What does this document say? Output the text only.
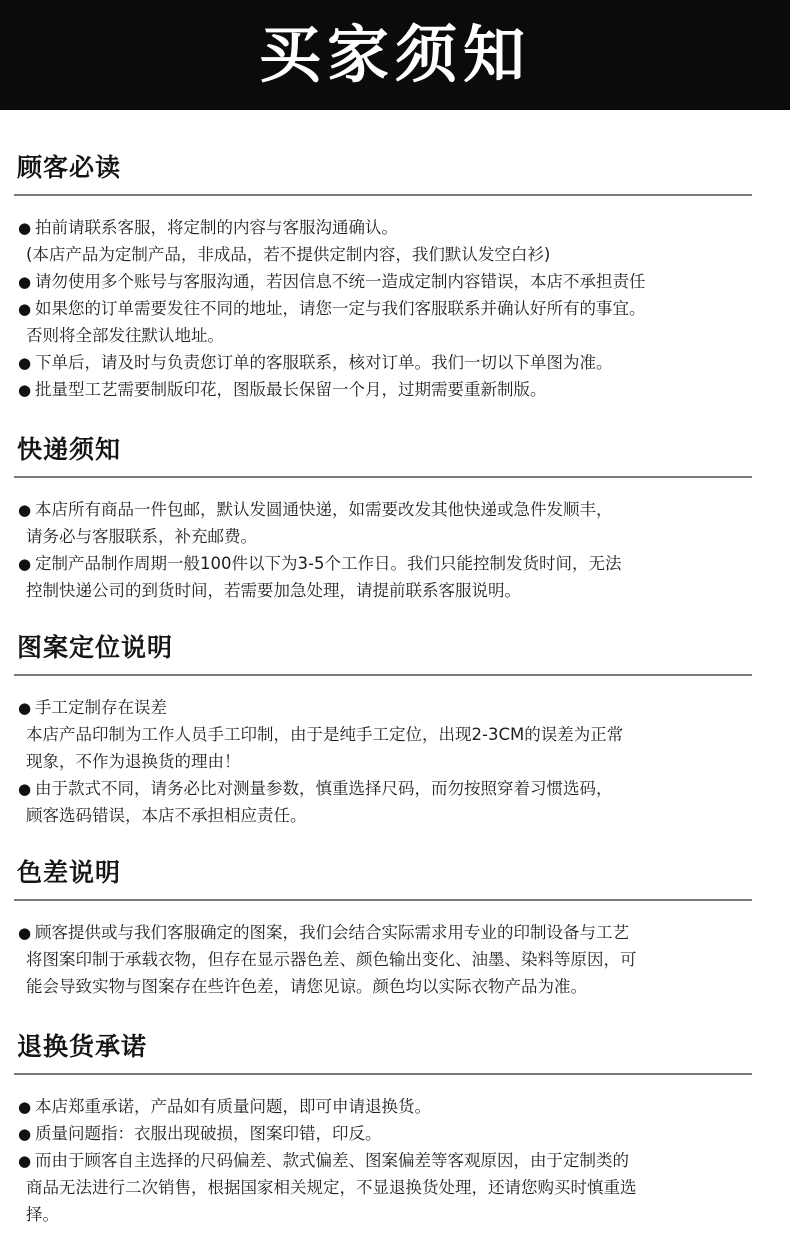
买家须知
顾客必读
● 拍前请联系客服，将定制的内容与客服沟通确认。
(本店产品为定制产品，非成品，若不提供定制内容，我们默认发空白衫)
● 请勿使用多个账号与客服沟通，若因信息不统一造成定制内容错误，本店不承担责任
● 如果您的订单需要发往不同的地址，请您一定与我们客服联系并确认好所有的事宜。
否则将全部发往默认地址。
● 下单后，请及时与负责您订单的客服联系，核对订单。我们一切以下单图为准。
● 批量型工艺需要制版印花，图版最长保留一个月，过期需要重新制版。
快递须知
● 本店所有商品一件包邮，默认发圆通快递，如需要改发其他快递或急件发顺丰，
请务必与客服联系，补充邮费。
● 定制产品制作周期一般100件以下为3-5个工作日。我们只能控制发货时间，无法
控制快递公司的到货时间，若需要加急处理，请提前联系客服说明。
图案定位说明
● 手工定制存在误差
本店产品印制为工作人员手工印制，由于是纯手工定位，出现2-3CM的误差为正常
现象，不作为退换货的理由！
● 由于款式不同，请务必比对测量参数，慎重选择尺码，而勿按照穿着习惯选码，
顾客选码错误，本店不承担相应责任。
色差说明
● 顾客提供或与我们客服确定的图案，我们会结合实际需求用专业的印制设备与工艺
将图案印制于承载衣物，但存在显示器色差、颜色输出变化、油墨、染料等原因，可
能会导致实物与图案存在些许色差，请您见谅。颜色均以实际衣物产品为准。
退换货承诺
● 本店郑重承诺，产品如有质量问题，即可申请退换货。
● 质量问题指：衣服出现破损，图案印错，印反。
● 而由于顾客自主选择的尺码偏差、款式偏差、图案偏差等客观原因，由于定制类的
商品无法进行二次销售，根据国家相关规定，不显退换货处理，还请您购买时慎重选
择。
